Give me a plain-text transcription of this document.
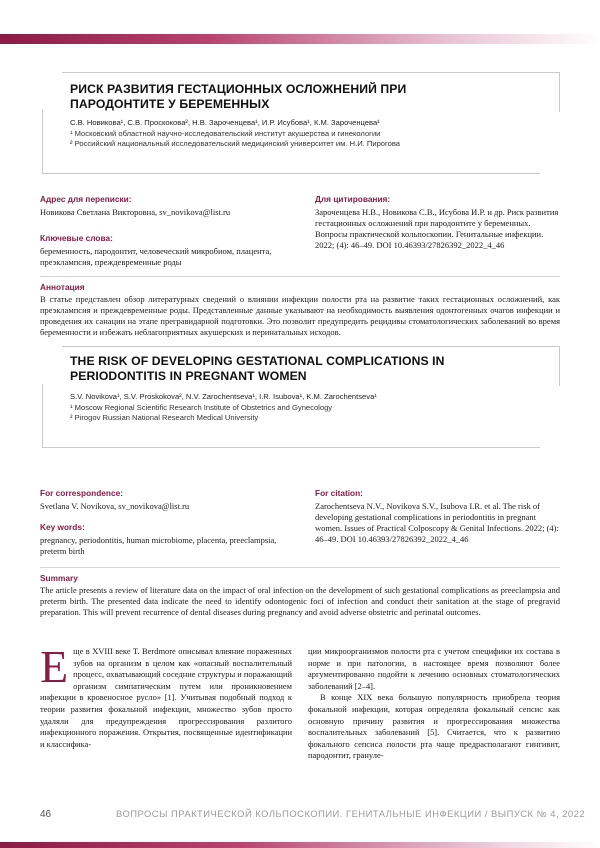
РИСК РАЗВИТИЯ ГЕСТАЦИОННЫХ ОСЛОЖНЕНИЙ ПРИ ПАРОДОНТИТЕ У БЕРЕМЕННЫХ
С.В. Новикова¹, С.В. Проскокова², Н.В. Зароченцева¹, И.Р. Исубова¹, К.М. Зароченцева¹
¹ Московский областной научно-исследовательский институт акушерства и гинекологии
² Российский национальный исследовательский медицинский университет им. Н.И. Пирогова
Адрес для переписки:
Новикова Светлана Викторовна, sv_novikova@list.ru
Ключевые слова:
беременность, пародонтит, человеческий микробиом, плацента, преэклампсия, преждевременные роды
Для цитирования:
Зароченцева Н.В., Новикова С.В., Исубова И.Р. и др. Риск развития гестационных осложнений при пародонтите у беременных. Вопросы практической кольпоскопии. Генитальные инфекции. 2022; (4): 46–49. DOI 10.46393/27826392_2022_4_46
Аннотация
В статье представлен обзор литературных сведений о влиянии инфекции полости рта на развитие таких гестационных осложнений, как преэклампсия и преждевременные роды. Представленные данные указывают на необходимость выявления одонтогенных очагов инфекции и проведения их санации на этапе прегравидарной подготовки. Это позволит предупредить рецидивы стоматологических заболеваний во время беременности и избежать неблагоприятных акушерских и перинатальных исходов.
THE RISK OF DEVELOPING GESTATIONAL COMPLICATIONS IN PERIODONTITIS IN PREGNANT WOMEN
S.V. Novikova¹, S.V. Proskokova², N.V. Zarochentseva¹, I.R. Isubova¹, K.M. Zarochentseva¹
¹ Moscow Regional Scientific Research Institute of Obstetrics and Gynecology
² Pirogov Russian National Research Medical University
For correspondence:
Svetlana V. Novikova, sv_novikova@list.ru
Key words:
pregnancy, periodontitis, human microbiome, placenta, preeclampsia, preterm birth
For citation:
Zarochentseva N.V., Novikova S.V., Isubova I.R. et al. The risk of developing gestational complications in periodontitis in pregnant women. Issues of Practical Colposcopy & Genital Infections. 2022; (4): 46–49. DOI 10.46393/27826392_2022_4_46
Summary
The article presents a review of literature data on the impact of oral infection on the development of such gestational complications as preeclampsia and preterm birth. The presented data indicate the need to identify odontogenic foci of infection and conduct their sanitation at the stage of pregravid preparation. This will prevent recurrence of dental diseases during pregnancy and avoid adverse obstetric and perinatal outcomes.
Еще в XVIII веке T. Berdmore описывал влияние пораженных зубов на организм в целом как «опасный воспалительный процесс, охватывающий соседние структуры и поражающий организм симпатическим путем или проникновением инфекции в кровеносное русло» [1]. Учитывая подобный подход к теории развития фокальной инфекции, множество зубов просто удаляли для предупреждения прогрессирования разлитого инфекционного поражения. Открытия, посвященные идентификации и классифика-

ции микроорганизмов полости рта с учетом специфики их состава в норме и при патологии, в настоящее время позволяют более аргументированно подойти к лечению основных стоматологических заболеваний [2–4].

В конце XIX века большую популярность приобрела теория фокальной инфекции, которая определяла фокальный сепсис как основную причину развития и прогрессирования множества воспалительных заболеваний [5]. Считается, что к развитию фокального сепсиса полости рта чаще предрасполагают гингивит, пародонтит, грануле-

46	ВОПРОСЫ ПРАКТИЧЕСКОЙ КОЛЬПОСКОПИИ. ГЕНИТАЛЬНЫЕ ИНФЕКЦИИ / ВЫПУСК № 4, 2022
